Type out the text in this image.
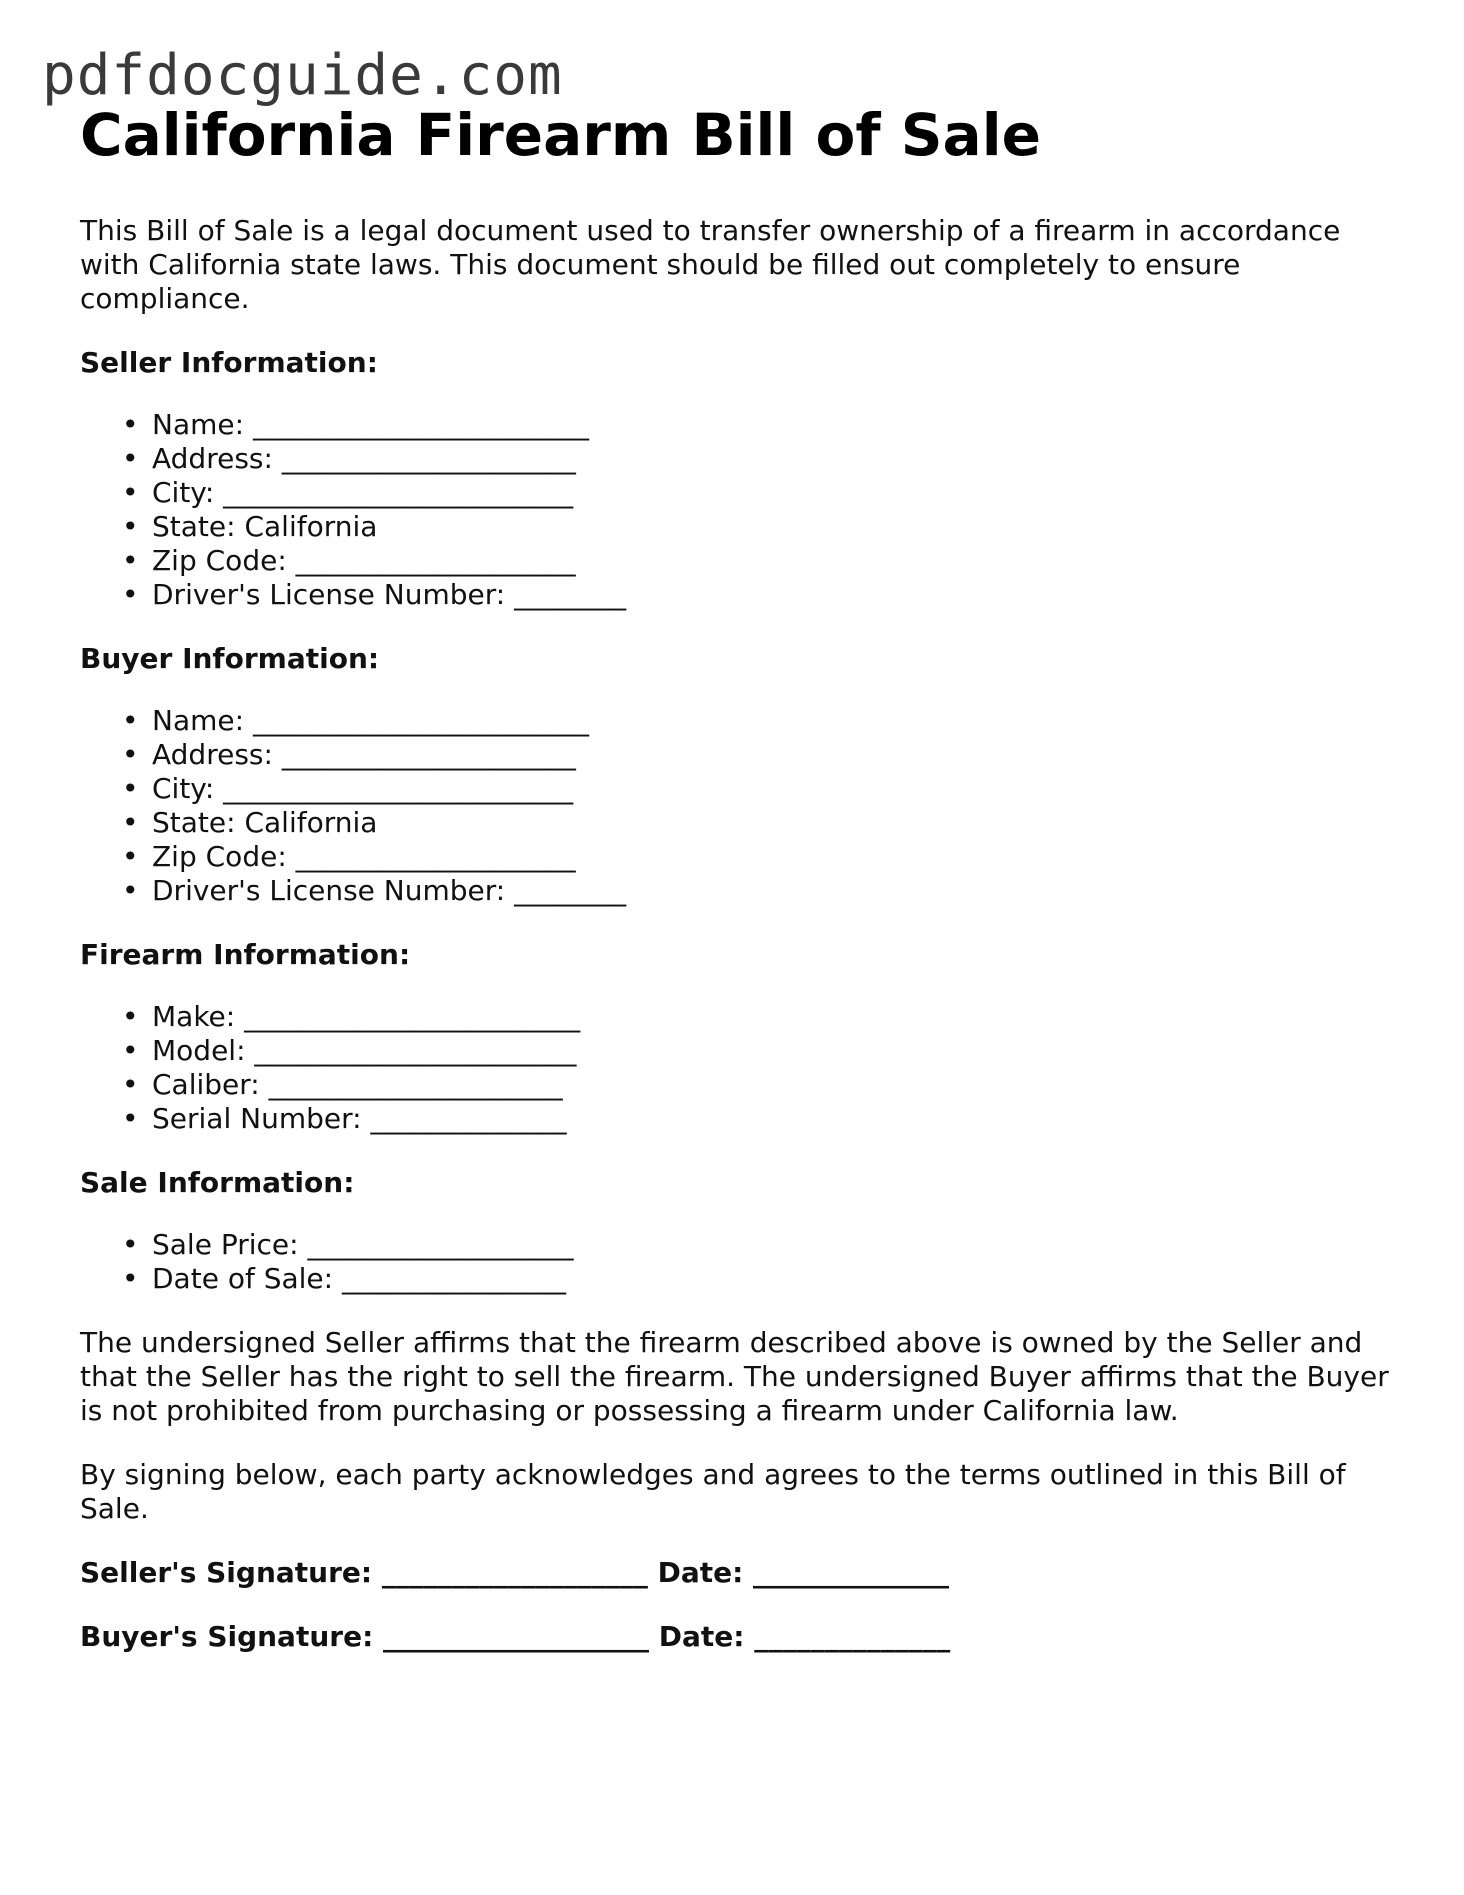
pdfdocguide.com
California Firearm Bill of Sale

This Bill of Sale is a legal document used to transfer ownership of a firearm in accordance with California state laws. This document should be filled out completely to ensure compliance.

Seller Information:
• Name: ________________________
• Address: _____________________
• City: _________________________
• State: California
• Zip Code: ____________________
• Driver's License Number: ________
Buyer Information:
• Name: ________________________
• Address: _____________________
• City: _________________________
• State: California
• Zip Code: ____________________
• Driver's License Number: ________
Firearm Information:
• Make: ________________________
• Model: _______________________
• Caliber: _____________________
• Serial Number: ______________
Sale Information:
• Sale Price: ___________________
• Date of Sale: ________________

The undersigned Seller affirms that the firearm described above is owned by the Seller and that the Seller has the right to sell the firearm. The undersigned Buyer affirms that the Buyer is not prohibited from purchasing or possessing a firearm under California law.

By signing below, each party acknowledges and agrees to the terms outlined in this Bill of Sale.

Seller's Signature: ___________________ Date: ______________
Buyer's Signature: ___________________ Date: ______________
